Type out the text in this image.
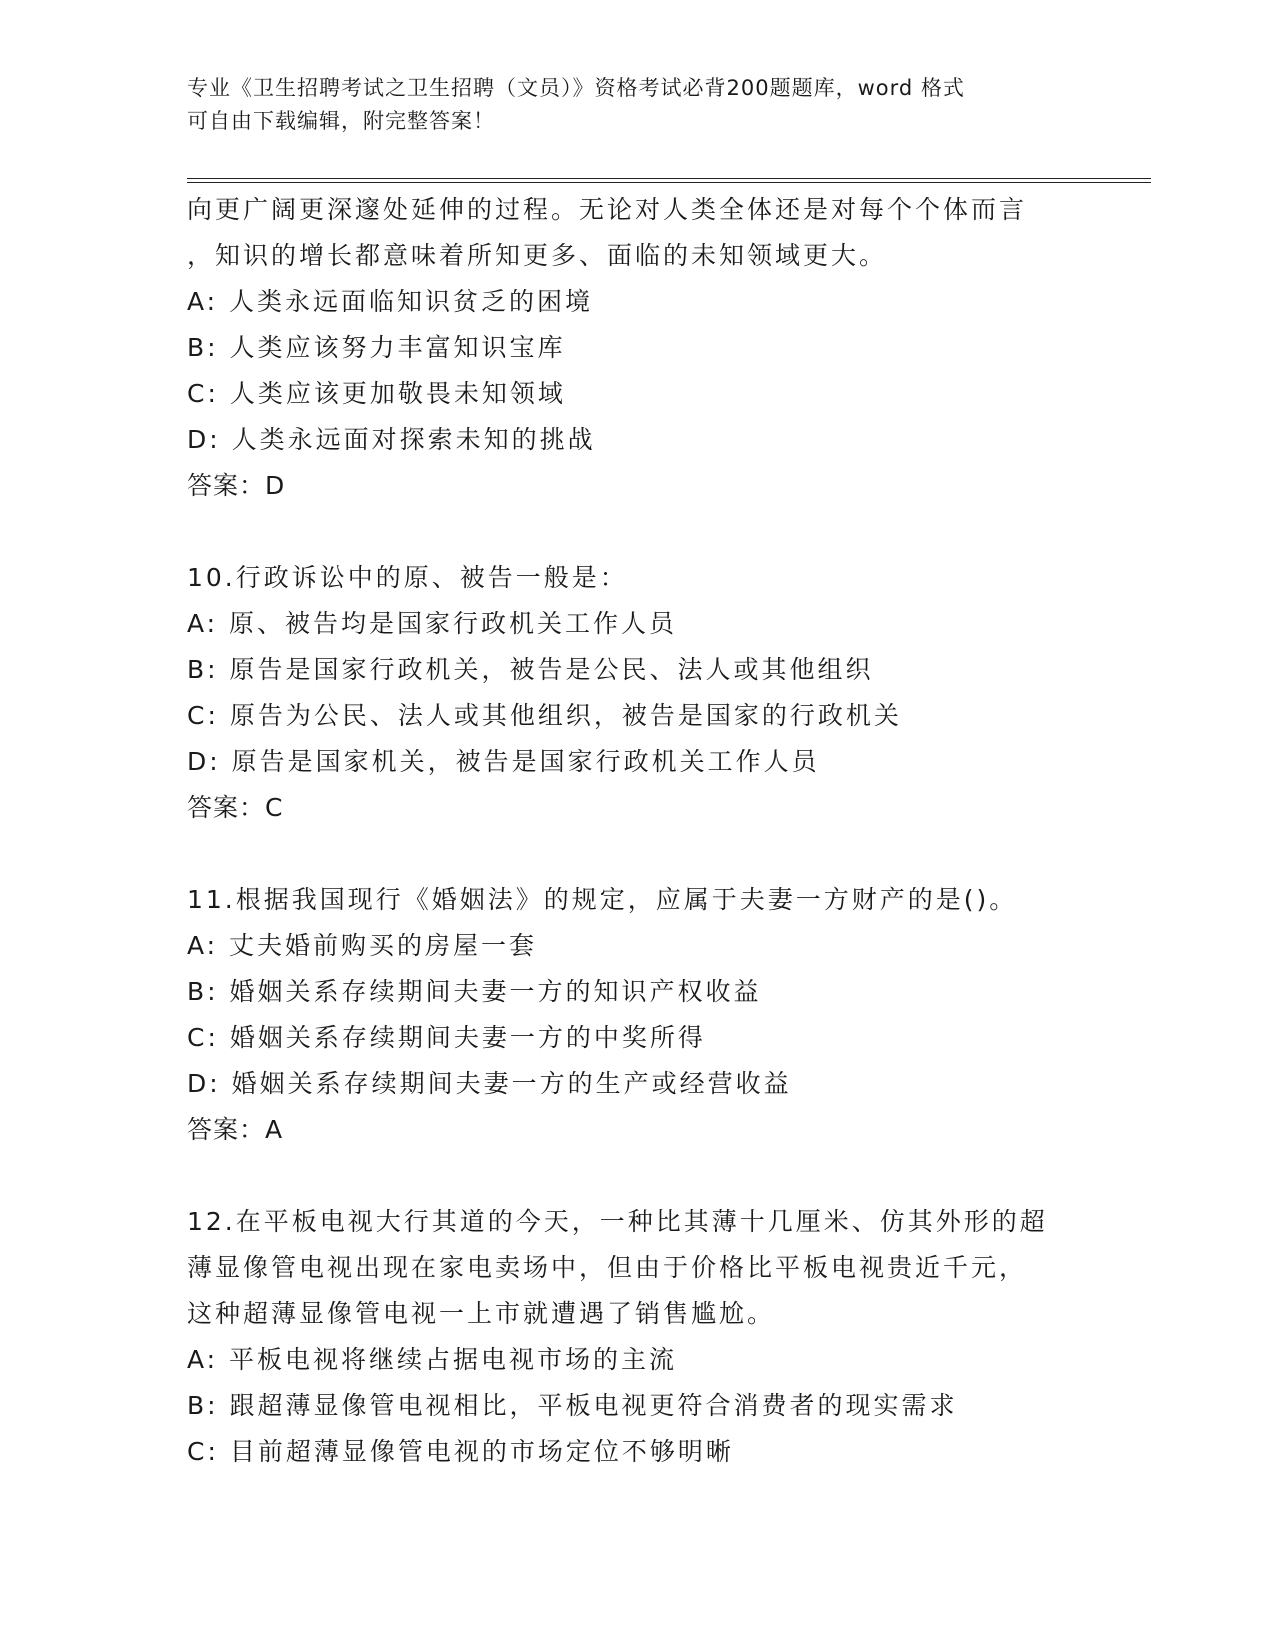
专业《卫生招聘考试之卫生招聘（文员）》资格考试必背200题题库，word 格式
可自由下载编辑，附完整答案！
向更广阔更深邃处延伸的过程。无论对人类全体还是对每个个体而言
，知识的增长都意味着所知更多、面临的未知领域更大。
A: 人类永远面临知识贫乏的困境
B: 人类应该努力丰富知识宝库
C: 人类应该更加敬畏未知领域
D: 人类永远面对探索未知的挑战
答案：D
10.行政诉讼中的原、被告一般是：
A: 原、被告均是国家行政机关工作人员
B: 原告是国家行政机关，被告是公民、法人或其他组织
C: 原告为公民、法人或其他组织，被告是国家的行政机关
D: 原告是国家机关，被告是国家行政机关工作人员
答案：C
11.根据我国现行《婚姻法》的规定，应属于夫妻一方财产的是()。
A: 丈夫婚前购买的房屋一套
B: 婚姻关系存续期间夫妻一方的知识产权收益
C: 婚姻关系存续期间夫妻一方的中奖所得
D: 婚姻关系存续期间夫妻一方的生产或经营收益
答案：A
12.在平板电视大行其道的今天，一种比其薄十几厘米、仿其外形的超
薄显像管电视出现在家电卖场中，但由于价格比平板电视贵近千元，
这种超薄显像管电视一上市就遭遇了销售尴尬。
A: 平板电视将继续占据电视市场的主流
B: 跟超薄显像管电视相比，平板电视更符合消费者的现实需求
C: 目前超薄显像管电视的市场定位不够明晰
